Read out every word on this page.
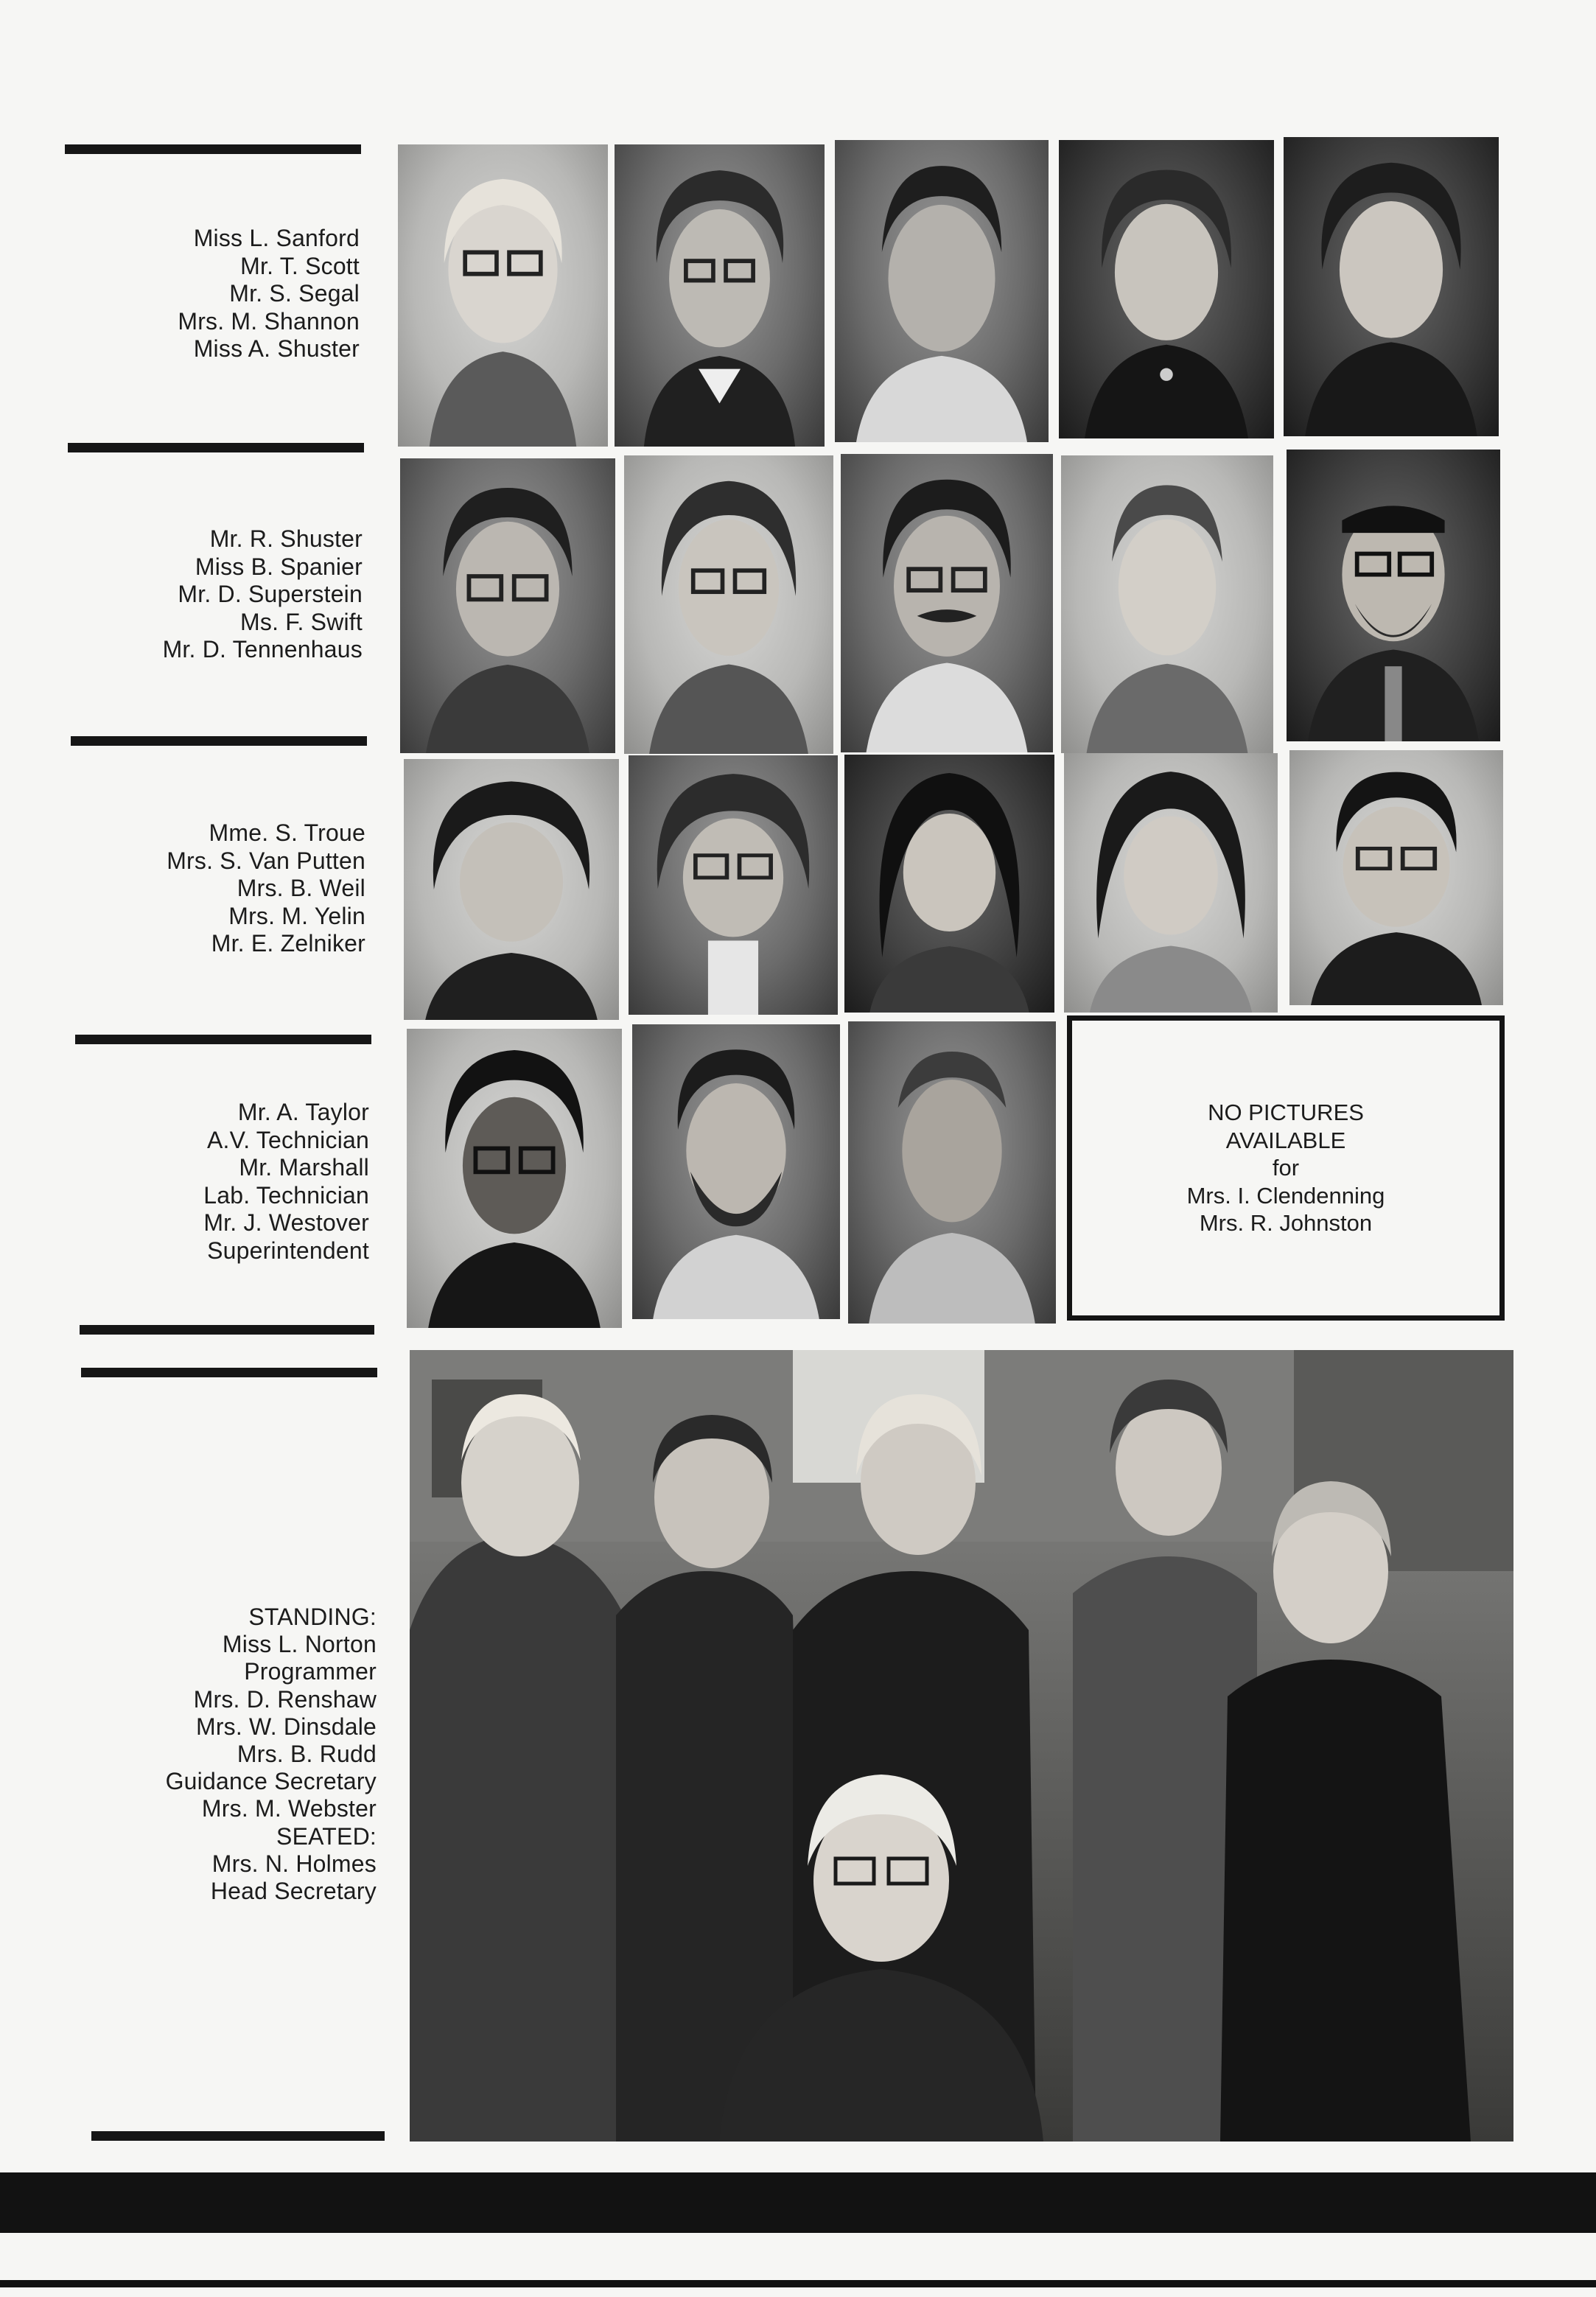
Miss L. Sanford
Mr. T. Scott
Mr. S. Segal
Mrs. M. Shannon
Miss A. Shuster
Mr. R. Shuster
Miss B. Spanier
Mr. D. Superstein
Ms. F. Swift
Mr. D. Tennenhaus
Mme. S. Troue
Mrs. S. Van Putten
Mrs. B. Weil
Mrs. M. Yelin
Mr. E. Zelniker
Mr. A. Taylor
A.V. Technician
Mr. Marshall
Lab. Technician
Mr. J. Westover
Superintendent
NO PICTURES
AVAILABLE
for
Mrs. I. Clendenning
Mrs. R. Johnston
STANDING:
Miss L. Norton
Programmer
Mrs. D. Renshaw
Mrs. W. Dinsdale
Mrs. B. Rudd
Guidance Secretary
Mrs. M. Webster
SEATED:
Mrs. N. Holmes
Head Secretary
